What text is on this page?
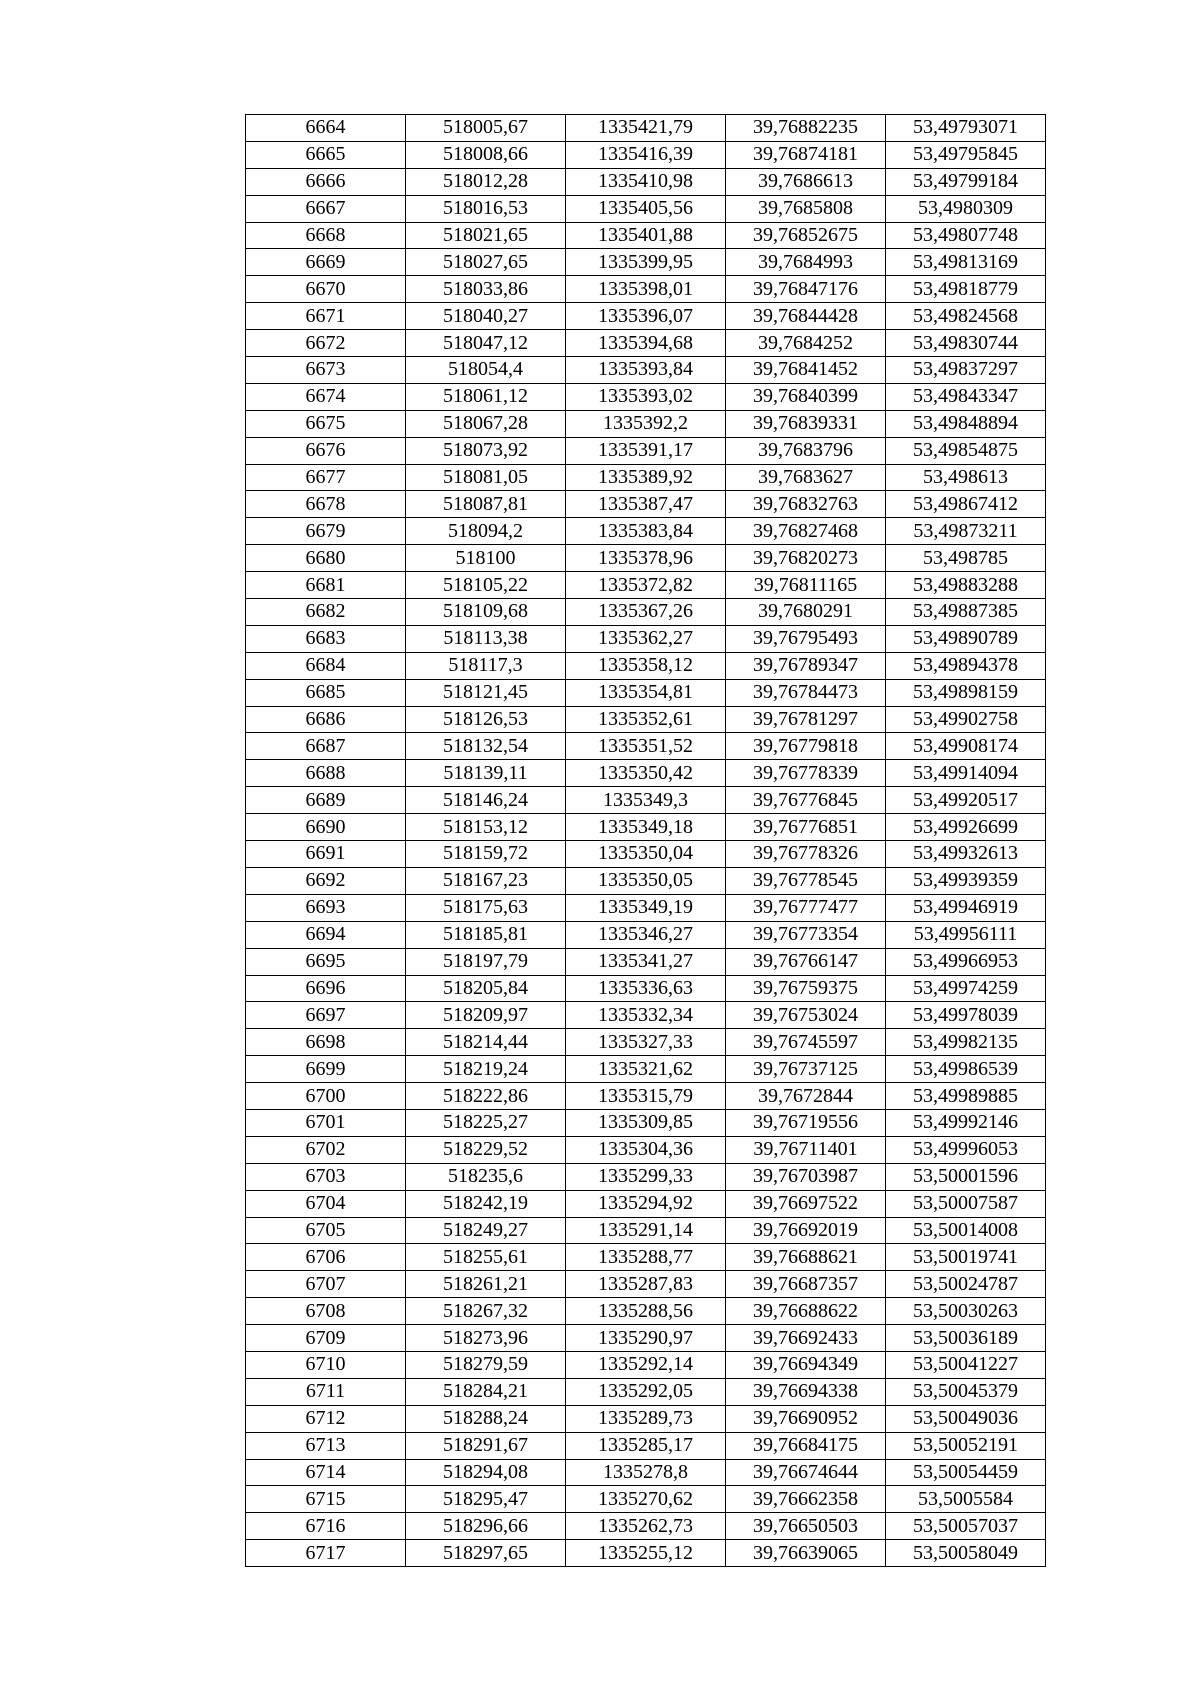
6664	518005,67	1335421,79	39,76882235	53,49793071
6665	518008,66	1335416,39	39,76874181	53,49795845
6666	518012,28	1335410,98	39,7686613	53,49799184
6667	518016,53	1335405,56	39,7685808	53,4980309
6668	518021,65	1335401,88	39,76852675	53,49807748
6669	518027,65	1335399,95	39,7684993	53,49813169
6670	518033,86	1335398,01	39,76847176	53,49818779
6671	518040,27	1335396,07	39,76844428	53,49824568
6672	518047,12	1335394,68	39,7684252	53,49830744
6673	518054,4	1335393,84	39,76841452	53,49837297
6674	518061,12	1335393,02	39,76840399	53,49843347
6675	518067,28	1335392,2	39,76839331	53,49848894
6676	518073,92	1335391,17	39,7683796	53,49854875
6677	518081,05	1335389,92	39,7683627	53,498613
6678	518087,81	1335387,47	39,76832763	53,49867412
6679	518094,2	1335383,84	39,76827468	53,49873211
6680	518100	1335378,96	39,76820273	53,498785
6681	518105,22	1335372,82	39,76811165	53,49883288
6682	518109,68	1335367,26	39,7680291	53,49887385
6683	518113,38	1335362,27	39,76795493	53,49890789
6684	518117,3	1335358,12	39,76789347	53,49894378
6685	518121,45	1335354,81	39,76784473	53,49898159
6686	518126,53	1335352,61	39,76781297	53,49902758
6687	518132,54	1335351,52	39,76779818	53,49908174
6688	518139,11	1335350,42	39,76778339	53,49914094
6689	518146,24	1335349,3	39,76776845	53,49920517
6690	518153,12	1335349,18	39,76776851	53,49926699
6691	518159,72	1335350,04	39,76778326	53,49932613
6692	518167,23	1335350,05	39,76778545	53,49939359
6693	518175,63	1335349,19	39,76777477	53,49946919
6694	518185,81	1335346,27	39,76773354	53,49956111
6695	518197,79	1335341,27	39,76766147	53,49966953
6696	518205,84	1335336,63	39,76759375	53,49974259
6697	518209,97	1335332,34	39,76753024	53,49978039
6698	518214,44	1335327,33	39,76745597	53,49982135
6699	518219,24	1335321,62	39,76737125	53,49986539
6700	518222,86	1335315,79	39,7672844	53,49989885
6701	518225,27	1335309,85	39,76719556	53,49992146
6702	518229,52	1335304,36	39,76711401	53,49996053
6703	518235,6	1335299,33	39,76703987	53,50001596
6704	518242,19	1335294,92	39,76697522	53,50007587
6705	518249,27	1335291,14	39,76692019	53,50014008
6706	518255,61	1335288,77	39,76688621	53,50019741
6707	518261,21	1335287,83	39,76687357	53,50024787
6708	518267,32	1335288,56	39,76688622	53,50030263
6709	518273,96	1335290,97	39,76692433	53,50036189
6710	518279,59	1335292,14	39,76694349	53,50041227
6711	518284,21	1335292,05	39,76694338	53,50045379
6712	518288,24	1335289,73	39,76690952	53,50049036
6713	518291,67	1335285,17	39,76684175	53,50052191
6714	518294,08	1335278,8	39,76674644	53,50054459
6715	518295,47	1335270,62	39,76662358	53,5005584
6716	518296,66	1335262,73	39,76650503	53,50057037
6717	518297,65	1335255,12	39,76639065	53,50058049
